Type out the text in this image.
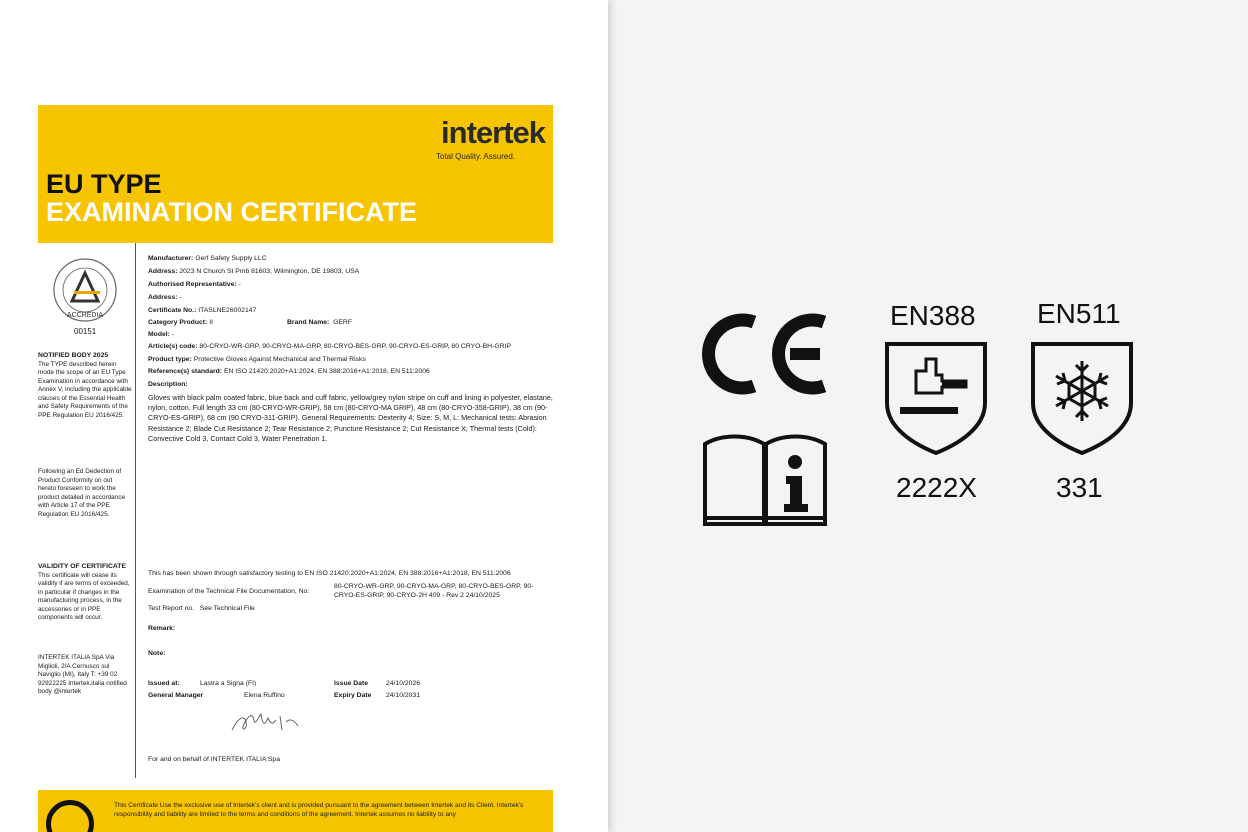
intertek
Total Quality. Assured.
EU TYPE
EXAMINATION CERTIFICATE
ACCREDIA
00151
NOTIFIED BODY 2025
The TYPE described herein mode the scope of an EU Type Examination in accordance with Annex V, including the applicable clauses of the Essential Health and Safety Requirements of the PPE Regulation EU 2016/425.
Following an Ed Dedection of Product Conformity on out hereto foreseen to work the product detailed in accordance with Article 17 of the PPE Regulation EU 2016/425.
VALIDITY OF CERTIFICATE
This certificate will cease its validity if are terms of exceeded, in particular if changes in the manufacturing process, in the accessories or in PPE components will occur.
INTERTEK ITALIA SpA Via Miglioli, 2/A Cernusco sul Naviglio (MI), Italy T: +39 02 92922225 Intertek.italia notified body @intertek
Manufacturer: Gerf Safety Supply LLC
Address: 2023 N Church St Pmb 81603, Wilmington, DE 19803, USA
Authorised Representative: -
Address: -
Certificate No.: ITASLNE26002147
Category Product: II	Brand Name: GERF
Model: -
Article(s) code: 80-CRYO-WR-GRP, 90-CRYO-MA-GRP, 80-CRYO-BES-GRP, 90-CRYO-ES-GRIP, 80 CRYO-BH-GRIP
Product type: Protective Gloves Against Mechanical and Thermal Risks
Reference(s) standard: EN ISO 21420:2020+A1:2024, EN 388:2016+A1:2018, EN 511:2006
Description:
Gloves with black palm coated fabric, blue back and cuff fabric, yellow/grey nylon stripe on cuff and lining in polyester, elastane, nylon, cotton. Full length 33 cm (80-CRYO-WR-GRIP), 58 cm (80-CRYO-MA GRIP), 48 cm (80-CRYO-358-GRIP), 38 cm (90-CRYO-ES-GRIP), 68 cm (90 CRYO-311-GRIP). General Requirements: Dexterity 4; Size: S, M, L: Mechanical tests: Abrasion Resistance 2; Blade Cut Resistance 2; Tear Resistance 2; Puncture Resistance 2; Cut Resistance X; Thermal tests (Cold): Convective Cold 3, Contact Cold 3, Water Penetration 1.
This has been shown through satisfactory testing to EN ISO 21420:2020+A1:2024, EN 388:2016+A1:2018, EN 511:2006
Examination of the Technical File Documentation, No:
80-CRYO-WR-GRP, 90-CRYO-MA-GRP, 80-CRYO-BES-GRP, 90-CRYO-ES-GRIP, 90-CRYO-2H 409 - Rev 2 24/10/2025
Test Report no. See Technical File
Remark:
Note:
Issued at:	Lastra a Signa (FI)	Issue Date	24/10/2026
General Manager	Elena Ruffino	Expiry Date 24/10/2031
For and on behalf of INTERTEK ITALIA Spa
This Certificate Use the exclusive use of Intertek's client and is provided pursuant to the agreement between Intertek and its Client. Intertek's responsibility and liability are limited to the terms and conditions of the agreement. Intertek assumes no liability to any
EN388
2222X
EN511
331
